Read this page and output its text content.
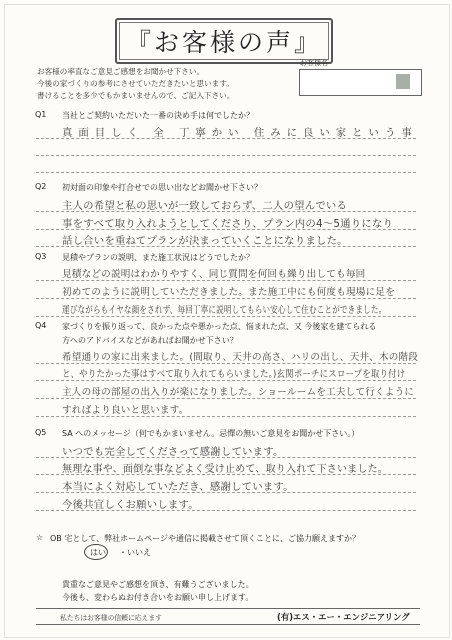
『お客様の声』
お客様の率直なご意見ご感想をお聞かせ下さい。
今後の家づくりの参考にさせていただきたいと思います。
書けることを多少でもかまいませんので、ご記入下さい。
お客様名
Q1 当社とご契約いただいた一番の決め手は何でしたか？
真面目しく 全 丁寧かい 住みに良い家という事
Q2 初対面の印象や打合せでの思い出などお聞かせ下さい？
主人の希望と私の思いが一致しておらず、二人の望んでいる
事をすべて取り入れようとしてくださり、プラン内の4～5通りになり
話し合いを重ねてプランが決まっていくことになりました。
Q3 見積やプランの説明、また施工状況はどうでしたか？
見積などの説明はわかりやすく、同じ質問を何回も繰り出しても毎回
初めてのように説明していただきました。また施工中にも何度も現場に足を
運びながらもイヤな顔をされず、毎回丁寧に説明してもらい安心して住むことができました。
Q4 家づくりを振り返って、良かった点や悪かった点、悩まれた点、又 今後家を建てられる
方へのアドバイスなどがあればお聞かせ下さい？
希望通りの家に出来ました。(間取り、天井の高さ、ハリの出し、天井、木の階段
と、やりたかった事はすべて取り入れてもらいました。)玄関ポーチにスロープを取り付け
主人の母の部屋の出入りが楽になりました。ショールームを工夫して行くように
すればより良いと思います。
Q5 SA へのメッセージ（何でもかまいません。忌憚の無いご意見をお聞かせ下さい。）
いつでも完全してくださって感謝しています。
無理な事や、面倒な事などよく受け止めて、取り入れて下さいました。
本当によく対応していただき、感謝しています。
今後共宜しくお願いします。
☆ OB 宅として、弊社ホームページや通信に掲載させて頂くことに、ご協力願えますか？
はい ・いいえ
貴重なご意見やご感想を頂き、有難うございました。
今後も、変わらぬお付き合いをお願い申し上げます。
私たちはお客様の信頼に応えます	(有)エス・エー・エンジニアリング
